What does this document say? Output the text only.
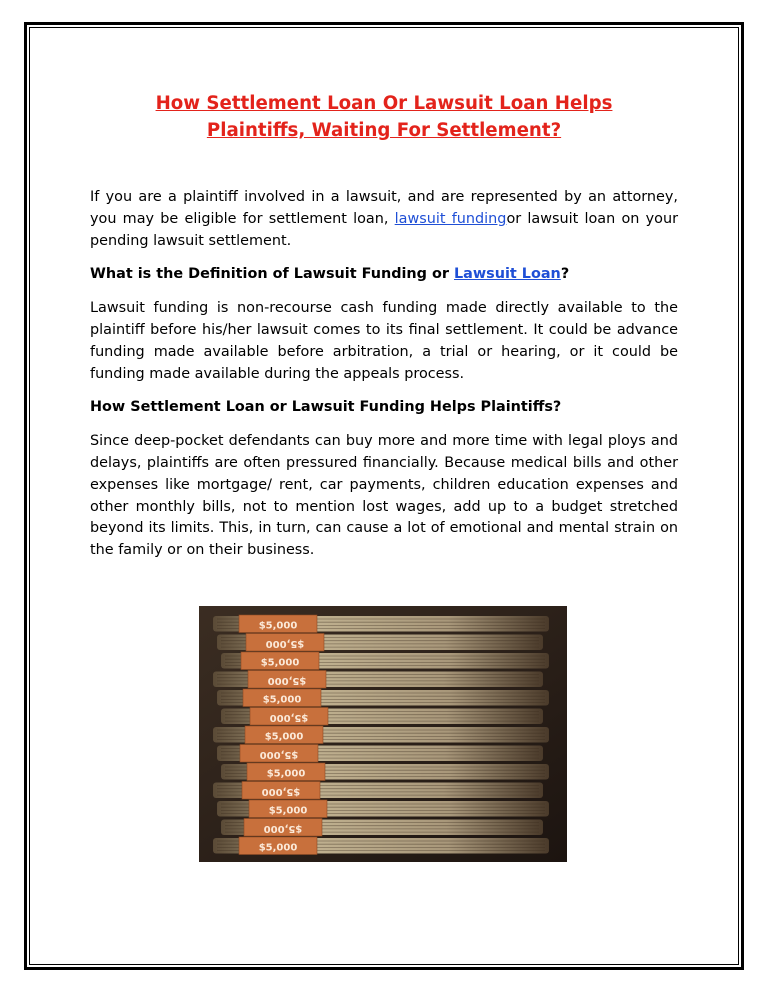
How Settlement Loan Or Lawsuit Loan Helps
Plaintiffs, Waiting For Settlement?

If you are a plaintiff involved in a lawsuit, and are represented by an attorney, you may be eligible for settlement loan, lawsuit fundingor lawsuit loan on your pending lawsuit settlement.

What is the Definition of Lawsuit Funding or Lawsuit Loan?

Lawsuit funding is non-recourse cash funding made directly available to the plaintiff before his/her lawsuit comes to its final settlement. It could be advance funding made available before arbitration, a trial or hearing, or it could be funding made available during the appeals process.

How Settlement Loan or Lawsuit Funding Helps Plaintiffs?

Since deep-pocket defendants can buy more and more time with legal ploys and delays, plaintiffs are often pressured financially. Because medical bills and other expenses like mortgage/ rent, car payments, children education expenses and other monthly bills, not to mention lost wages, add up to a budget stretched beyond its limits. This, in turn, can cause a lot of emotional and mental strain on the family or on their business.

$5,000
$5,000
$5,000
$5,000
$5,000
$5,000
$5,000
$5,000
$5,000
$5,000
$5,000
$5,000
$5,000
